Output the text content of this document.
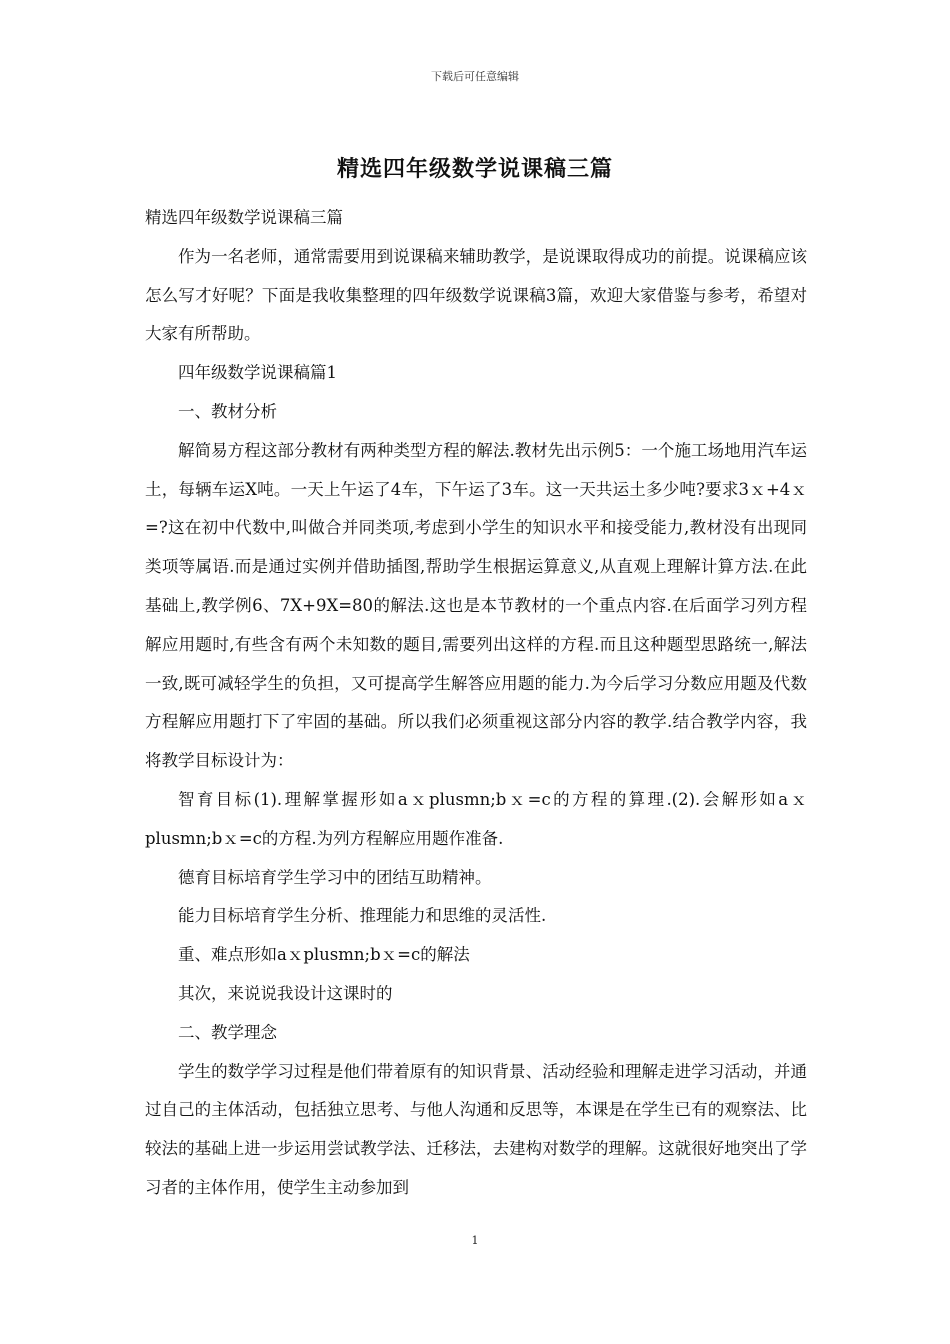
下载后可任意编辑
精选四年级数学说课稿三篇

精选四年级数学说课稿三篇

作为一名老师，通常需要用到说课稿来辅助教学，是说课取得成功的前提。说课稿应该怎么写才好呢？下面是我收集整理的四年级数学说课稿3篇，欢迎大家借鉴与参考，希望对大家有所帮助。

四年级数学说课稿篇1

一、教材分析

解简易方程这部分教材有两种类型方程的解法.教材先出示例5：一个施工场地用汽车运土，每辆车运X吨。一天上午运了4车，下午运了3车。这一天共运土多少吨?要求3ｘ+4ｘ=?这在初中代数中,叫做合并同类项,考虑到小学生的知识水平和接受能力,教材没有出现同类项等属语.而是通过实例并借助插图,帮助学生根据运算意义,从直观上理解计算方法.在此基础上,教学例6、7X+9X=80的解法.这也是本节教材的一个重点内容.在后面学习列方程解应用题时,有些含有两个未知数的题目,需要列出这样的方程.而且这种题型思路统一,解法一致,既可减轻学生的负担，又可提高学生解答应用题的能力.为今后学习分数应用题及代数方程解应用题打下了牢固的基础。所以我们必须重视这部分内容的教学.结合教学内容，我将教学目标设计为：

智育目标(1).理解掌握形如aｘplusmn;bｘ=c的方程的算理.(2).会解形如aｘplusmn;bｘ=c的方程.为列方程解应用题作准备.

德育目标培育学生学习中的团结互助精神。

能力目标培育学生分析、推理能力和思维的灵活性.

重、难点形如aｘplusmn;bｘ=c的解法

其次，来说说我设计这课时的

二、教学理念

学生的数学学习过程是他们带着原有的知识背景、活动经验和理解走进学习活动，并通过自己的主体活动，包括独立思考、与他人沟通和反思等，本课是在学生已有的观察法、比较法的基础上进一步运用尝试教学法、迁移法，去建构对数学的理解。这就很好地突出了学习者的主体作用，使学生主动参加到

1
